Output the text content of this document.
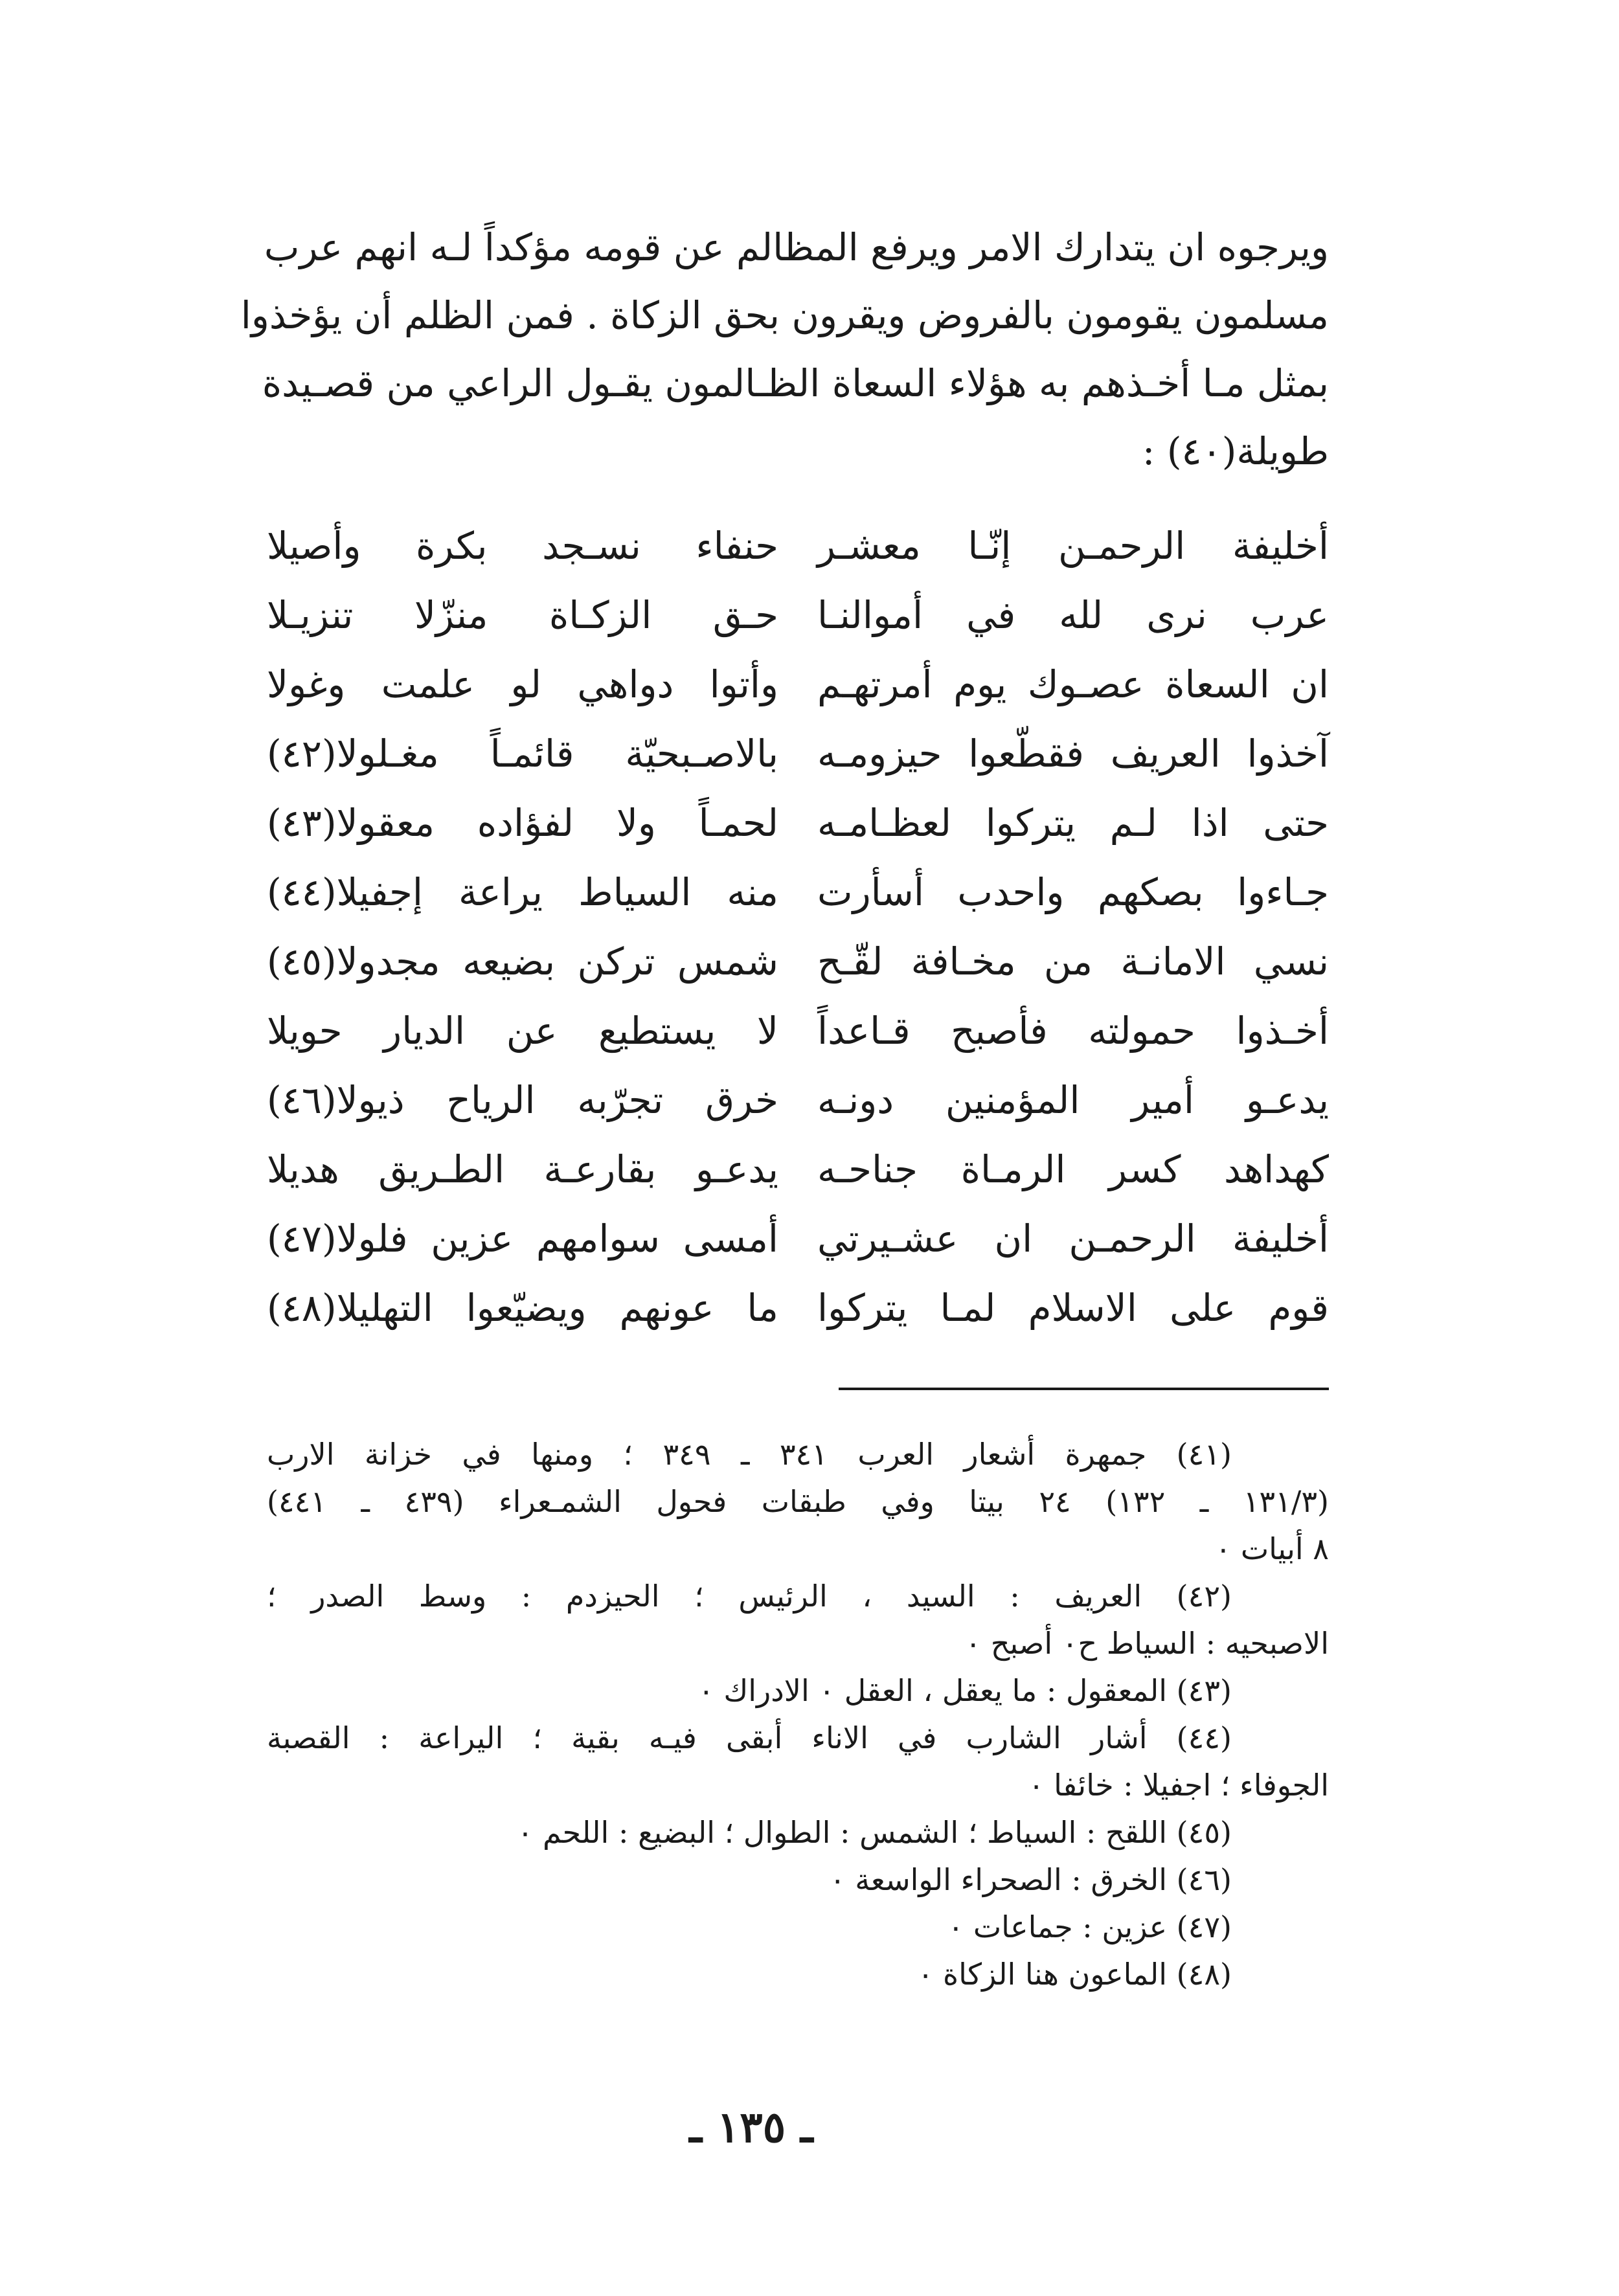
ويرجوه ان يتدارك الامر ويرفع المظالم عن قومه مؤكداً لـه انهم عرب
مسلمون يقومون بالفروض ويقرون بحق الزكاة . فمن الظلم أن يؤخذوا
بمثل مـا أخـذهم به هؤلاء السعاة الظـالمون يقـول الراعي من قصـيدة
طويلة(٤٠) :
أخليفة الرحمـن إنّـا معشـر
حنفاء نسـجد بكرة وأصيلا
عرب نرى لله في أموالنـا
حـق الزكـاة منزّلا تنزيـلا
ان السعاة عصـوك يوم أمرتهـم
وأتوا دواهي لو علمت وغولا
آخذوا العريف فقطّعوا حيزومـه
بالاصـبحيّة قائمـاً مغـلولا(٤٢)
حتى اذا لـم يتركوا لعظـامـه
لحمـاً ولا لفؤاده معقولا(٤٣)
جـاءوا بصكهم واحدب أسأرت
منه السياط يراعة إجفيلا(٤٤)
نسي الامانـة من مخـافة لقّـح
شمس تركن بضيعه مجدولا(٤٥)
أخـذوا حمولته فأصبح قـاعداً
لا يستطيع عن الديار حويلا
يدعـو أمير المؤمنين دونـه
خرق تجرّبه الرياح ذيولا(٤٦)
كهداهد كسر الرمـاة جناحـه
يدعـو بقارعـة الطـريق هديلا
أخليفة الرحمـن ان عشـيرتي
أمسى سوامهم عزين فلولا(٤٧)
قوم على الاسلام لمـا يتركوا
ما عونهم ويضيّعوا التهليلا(٤٨)
(٤١) جمهرة أشعار العرب ٣٤١ ـ ٣٤٩ ؛ ومنها في خزانة الارب
(١٣١/٣ ـ ١٣٢) ٢٤ بيتا وفي طبقات فحول الشمـعراء (٤٣٩ ـ ٤٤١)
٨ أبيات ٠
(٤٢) العريف : السيد ، الرئيس ؛ الحيزدم : وسط الصدر ؛
الاصبحيه : السياط ح٠ أصبح ٠
(٤٣) المعقول : ما يعقل ، العقل ٠ الادراك ٠
(٤٤) أشار الشارب في الاناء أبقى فيـه بقية ؛ اليراعة : القصبة
الجوفاء ؛ اجفيلا : خائفا ٠
(٤٥) اللقح : السياط ؛ الشمس : الطوال ؛ البضيع : اللحم ٠
(٤٦) الخرق : الصحراء الواسعة ٠
(٤٧) عزين : جماعات ٠
(٤٨) الماعون هنا الزكاة ٠
ـ ١٣٥ ـ
